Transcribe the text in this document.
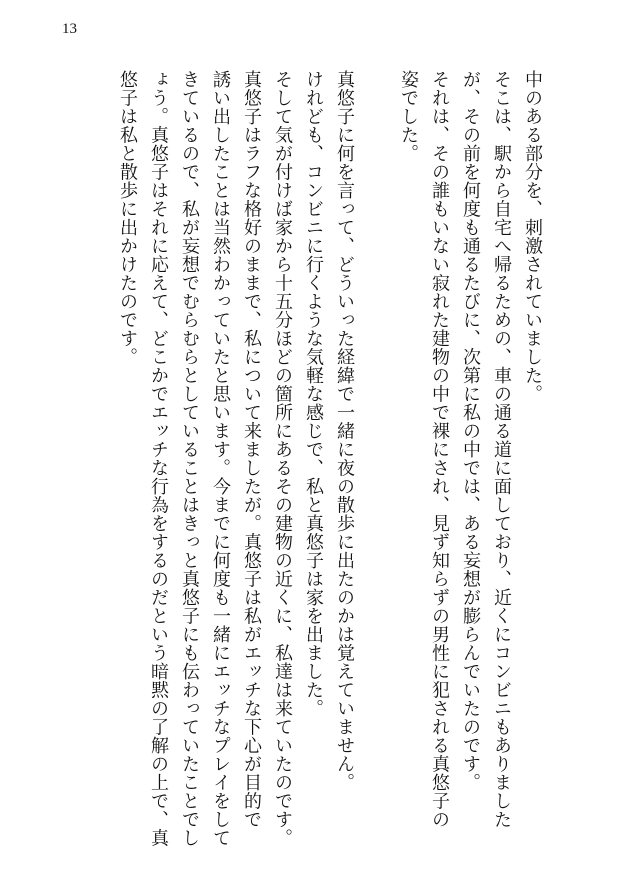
13
中のある部分を、刺激されていました。
そこは、駅から自宅へ帰るための、車の通る道に面しており、近くにコンビニもありました
が、その前を何度も通るたびに、次第に私の中では、ある妄想が膨らんでいたのです。
それは、その誰もいない寂れた建物の中で裸にされ、見ず知らずの男性に犯される真悠子の
姿でした。
真悠子に何を言って、どういった経緯で一緒に夜の散歩に出たのかは覚えていません。
けれども、コンビニに行くような気軽な感じで、私と真悠子は家を出ました。
そして気が付けば家から十五分ほどの箇所にあるその建物の近くに、私達は来ていたのです。
真悠子はラフな格好のままで、私について来ましたが。真悠子は私がエッチな下心が目的で
誘い出したことは当然わかっていたと思います。今までに何度も一緒にエッチなプレイをして
きているので、私が妄想でむらむらとしていることはきっと真悠子にも伝わっていたことでし
ょう。真悠子はそれに応えて、どこかでエッチな行為をするのだという暗黙の了解の上で、真
悠子は私と散歩に出かけたのです。
